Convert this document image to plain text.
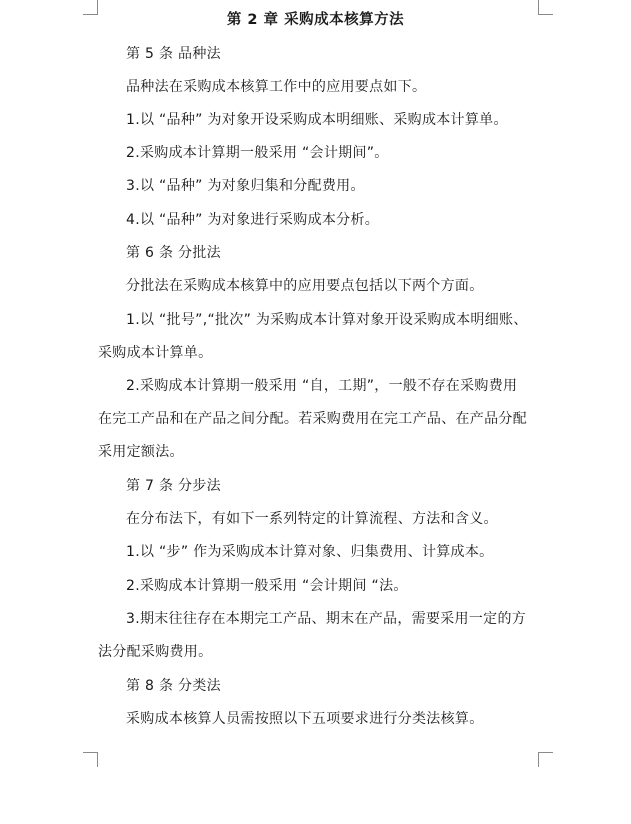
第 2 章 采购成本核算方法

第 5 条 品种法

品种法在采购成本核算工作中的应用要点如下。

1.以 “品种” 为对象开设采购成本明细账、采购成本计算单。

2.采购成本计算期一般采用 “会计期间”。

3.以 “品种” 为对象归集和分配费用。

4.以 “品种” 为对象进行采购成本分析。

第 6 条 分批法

分批法在采购成本核算中的应用要点包括以下两个方面。

1.以 “批号”,“批次” 为采购成本计算对象开设采购成本明细账、

采购成本计算单。

2.采购成本计算期一般采用 “自，工期”，一般不存在采购费用

在完工产品和在产品之间分配。若采购费用在完工产品、在产品分配

采用定额法。

第 7 条 分步法

在分布法下，有如下一系列特定的计算流程、方法和含义。

1.以 “步” 作为采购成本计算对象、归集费用、计算成本。

2.采购成本计算期一般采用 “会计期间 “法。

3.期末往往存在本期完工产品、期末在产品，需要采用一定的方

法分配采购费用。

第 8 条 分类法

采购成本核算人员需按照以下五项要求进行分类法核算。
